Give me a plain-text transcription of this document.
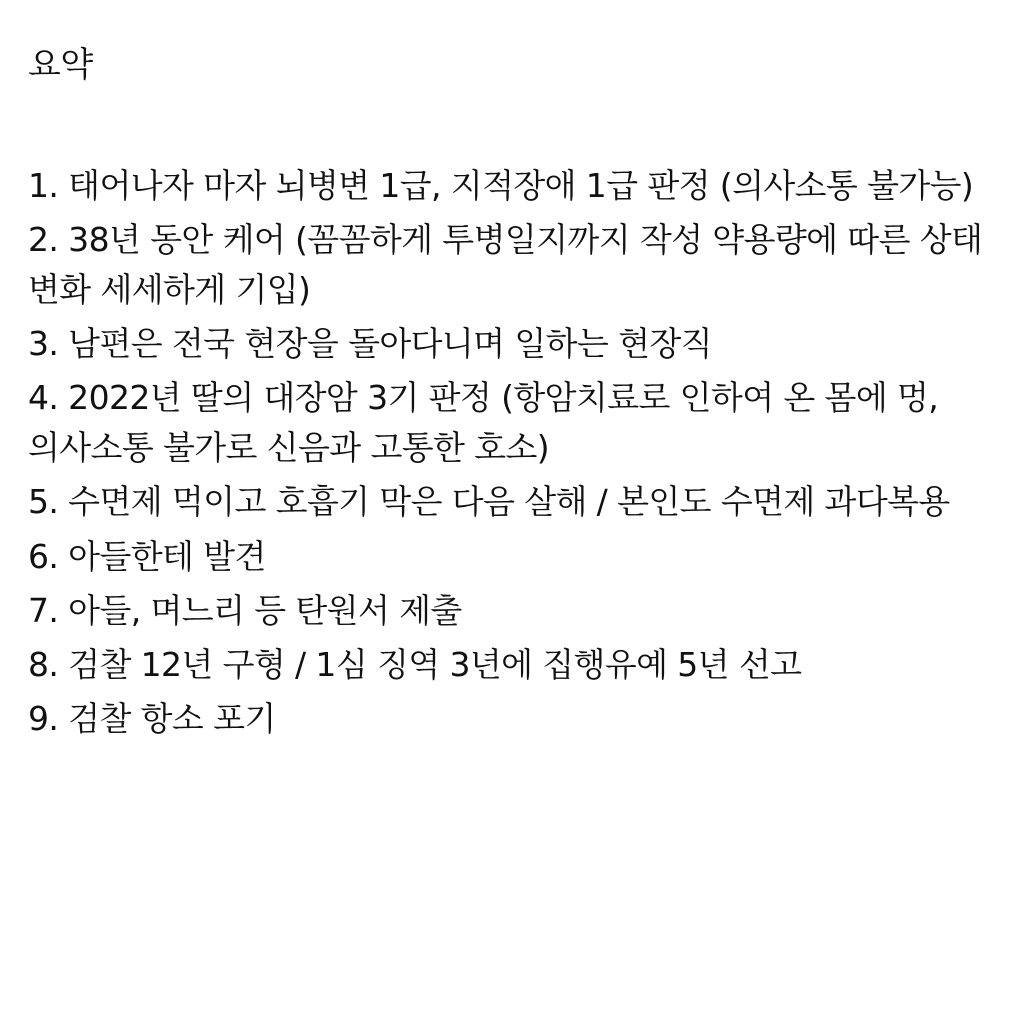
요약
1. 태어나자 마자 뇌병변 1급, 지적장애 1급 판정 (의사소통 불가능)
2. 38년 동안 케어 (꼼꼼하게 투병일지까지 작성 약용량에 따른 상태 변화 세세하게 기입)
3. 남편은 전국 현장을 돌아다니며 일하는 현장직
4. 2022년 딸의 대장암 3기 판정 (항암치료로 인하여 온 몸에 멍, 의사소통 불가로 신음과 고통한 호소)
5. 수면제 먹이고 호흡기 막은 다음 살해 / 본인도 수면제 과다복용
6. 아들한테 발견
7. 아들, 며느리 등 탄원서 제출
8. 검찰 12년 구형 / 1심 징역 3년에 집행유예 5년 선고
9. 검찰 항소 포기
